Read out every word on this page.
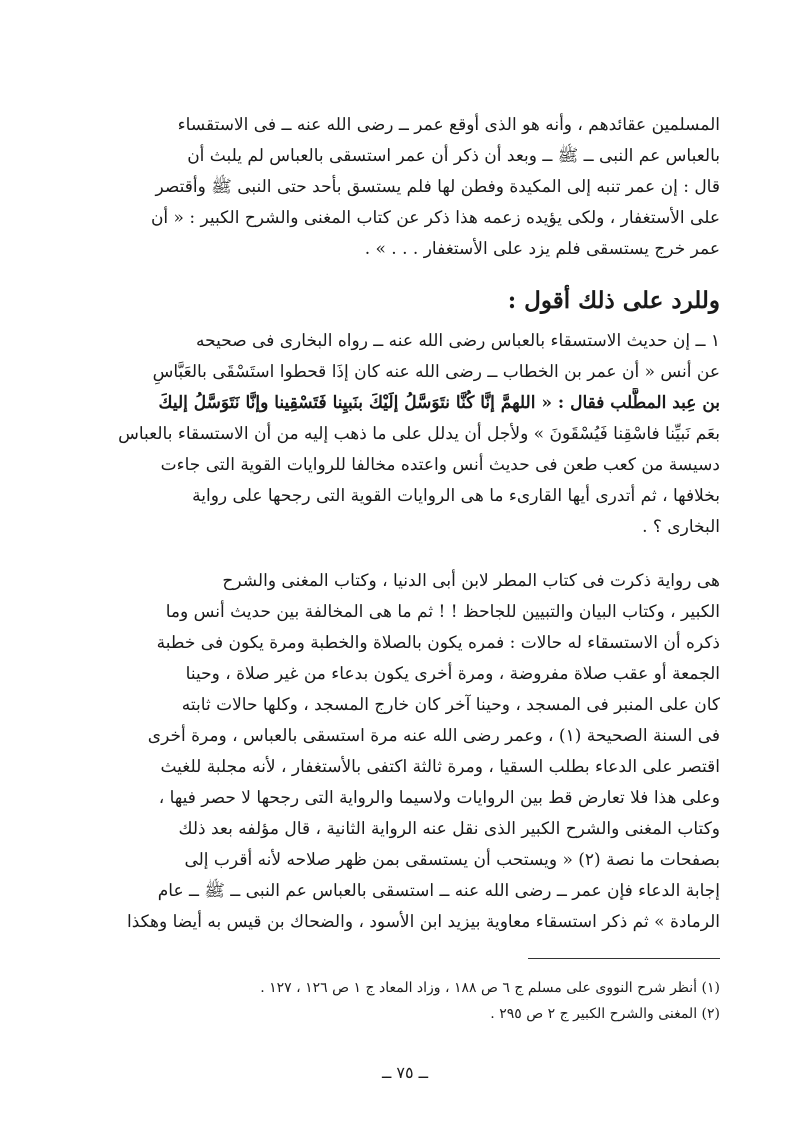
المسلمين عقائدهم ، وأنه هو الذى أوقع عمر ــ رضى الله عنه ــ فى الاستقساء
بالعباس عم النبى ــ ﷺ ــ وبعد أن ذكر أن عمر استسقى بالعباس لم يلبث أن
قال : إن عمر تنبه إلى المكيدة وفطن لها فلم يستسق بأحد حتى النبى ﷺ وأقتصر
على الأستغفار ، ولكى يؤيده زعمه هذا ذكر عن كتاب المغنى والشرح الكبير : « أن
عمر خرج يستسقى فلم يزد على الأستغفار . . . » .
وللرد على ذلك أقول :
١ ــ إن حديث الاستسقاء بالعباس رضى الله عنه ــ رواه البخارى فى صحيحه
عن أنس « أن عمر بن الخطاب ــ رضى الله عنه كان إذَا قحطوا استَسْقَى بالعَبَّاسِ
بن عِبد المطَّلب فقال : « اللهمَّ إنَّا كُنَّا نتَوَسَّلُ إلَيْكَ بنَبيِنا فَتَسْقِينا وإنَّا نَتَوَسَّلُ إليكَ
بعَم نَبيِّنا فاسْقِنا فَيُسْقَونَ » ولأجل أن يدلل على ما ذهب إليه من أن الاستسقاء بالعباس
دسيسة من كعب طعن فى حديث أنس واعتده مخالفا للروايات القوية التى جاءت
بخلافها ، ثم أتدرى أيها القارىء ما هى الروايات القوية التى رجحها على رواية
البخارى ؟ .
هى رواية ذكرت فى كتاب المطر لابن أبى الدنيا ، وكتاب المغنى والشرح
الكبير ، وكتاب البيان والتبيين للجاحظ ! ! ثم ما هى المخالفة بين حديث أنس وما
ذكره أن الاستسقاء له حالات : فمره يكون بالصلاة والخطبة ومرة يكون فى خطبة
الجمعة أو عقب صلاة مفروضة ، ومرة أخرى يكون بدعاء من غير صلاة ، وحينا
كان على المنبر فى المسجد ، وحينا آخر كان خارج المسجد ، وكلها حالات ثابته
فى السنة الصحيحة (١) ، وعمر رضى الله عنه مرة استسقى بالعباس ، ومرة أخرى
اقتصر على الدعاء بطلب السقيا ، ومرة ثالثة اكتفى بالأستغفار ، لأنه مجلبة للغيث
وعلى هذا فلا تعارض قط بين الروايات ولاسيما والرواية التى رجحها لا حصر فيها ،
وكتاب المغنى والشرح الكبير الذى نقل عنه الرواية الثانية ، قال مؤلفه بعد ذلك
بصفحات ما نصة (٢) « ويستحب أن يستسقى بمن ظهر صلاحه لأنه أقرب إلى
إجابة الدعاء فإن عمر ــ رضى الله عنه ــ استسقى بالعباس عم النبى ــ ﷺ ــ عام
الرمادة » ثم ذكر استسقاء معاوية بيزيد ابن الأسود ، والضحاك بن قيس به أيضا وهكذا
(١) أنظر شرح النووى على مسلم ج ٦ ص ١٨٨ ، وزاد المعاد ج ١ ص ١٢٦ ، ١٢٧ .
(٢) المغنى والشرح الكبير ج ٢ ص ٢٩٥ .
ــ ٧٥ ــ
